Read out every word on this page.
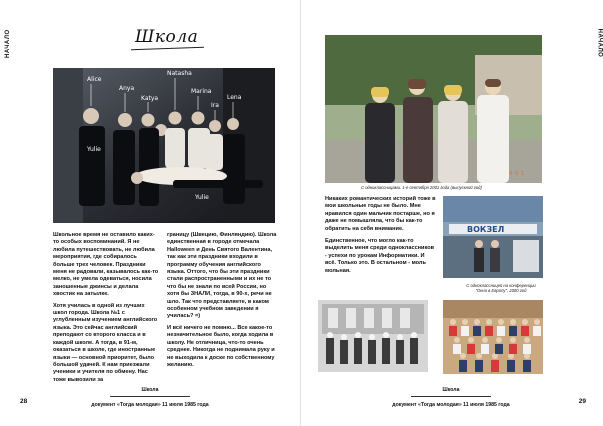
НАЧАЛО	Школа
Alice
Anya
Katya
Natasha
Marina
Ira
Lena
Yulie
Yulie

Школьное время не оставило каких-то особых воспоминаний. Я не любила путешествовать, не любила мероприятия, где собиралось больше трех человек. Праздники меня не радовали, казывалось как-то мелко, не умела одеваться, носила заношенные джинсы и делала хвостик на затылке.

Хотя училась в одной из лучших школ города. Школа №1 с углубленным изучением английского языка. Это сейчас английский преподают со второго класса и в каждой школе. А тогда, в 91-м, оказаться в школе, где иностранные языки — основной приоритет, было большой удачей. К нам приезжали ученики и учителя по обмену. Нас тоже вывозили за

границу (Швецию, Финляндию). Школа единственная в городе отмечала Halloween и День Святого Валентина, так как эти праздники входили в программу обучения английского языка. Оттого, что бы эти праздники стали распространенными и их не то что бы не знали по всей России, но хотя бы ЗНАЛИ, тогда, в 90-х, речи не шло. Так что представляете, в каком особенном учебном заведении я училась? =)

И всё ничего не помню... Все какое-то незначительное было, когда ходила в школу. Не отличница, что-то очень среднее. Никогда не поднимала руку и не выходила к доске по собственному желанию.

Школа
документ «Тогда молодая» 11 июля 1985 года
28
НАЧАЛО
9 9 1
С одноклассницами. 1-е сентября 2001 года (выпускной год)

Никаких романтических историй тоже в мои школьные годы не было. Мне нравился один мальчик постарше, но я даже не помышляла, что бы как-то обратить на себя внимание.

Единственное, что могло как-то выделить меня среди одноклассников - успехи по урокам Информатики. И всё. Только это. В остальном - моль мольная.

ВОКЗЕЛ
С одноклассницей на конференции "Окна в Европу", 2000 год
Школа
документ «Тогда молодая» 11 июля 1985 года	29
